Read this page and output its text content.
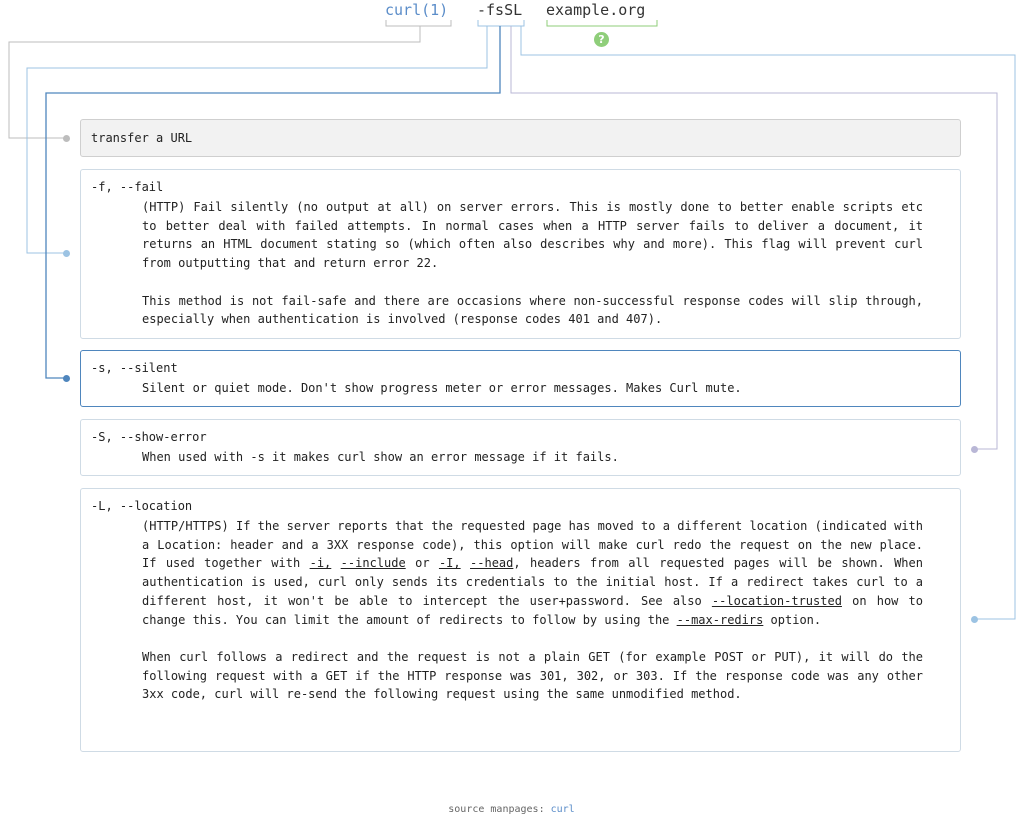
curl(1) -fsSL example.org
?
transfer a URL
-f, --fail

(HTTP) Fail silently (no output at all) on server errors. This is mostly done to better enable scripts etc to better deal with failed attempts. In normal cases when a HTTP server fails to deliver a document, it returns an HTML document stating so (which often also describes why and more). This flag will prevent curl from outputting that and return error 22.

This method is not fail-safe and there are occasions where non-successful response codes will slip through, especially when authentication is involved (response codes 401 and 407).

-s, --silent

Silent or quiet mode. Don't show progress meter or error messages. Makes Curl mute.

-S, --show-error

When used with -s it makes curl show an error message if it fails.

-L, --location

(HTTP/HTTPS) If the server reports that the requested page has moved to a different location (indicated with a Location: header and a 3XX response code), this option will make curl redo the request on the new place. If used together with -i, --include or -I, --head, headers from all requested pages will be shown. When authentication is used, curl only sends its credentials to the initial host. If a redirect takes curl to a different host, it won't be able to intercept the user+password. See also --location-trusted on how to change this. You can limit the amount of redirects to follow by using the --max-redirs option.

When curl follows a redirect and the request is not a plain GET (for example POST or PUT), it will do the following request with a GET if the HTTP response was 301, 302, or 303. If the response code was any other 3xx code, curl will re-send the following request using the same unmodified method.

source manpages: curl
